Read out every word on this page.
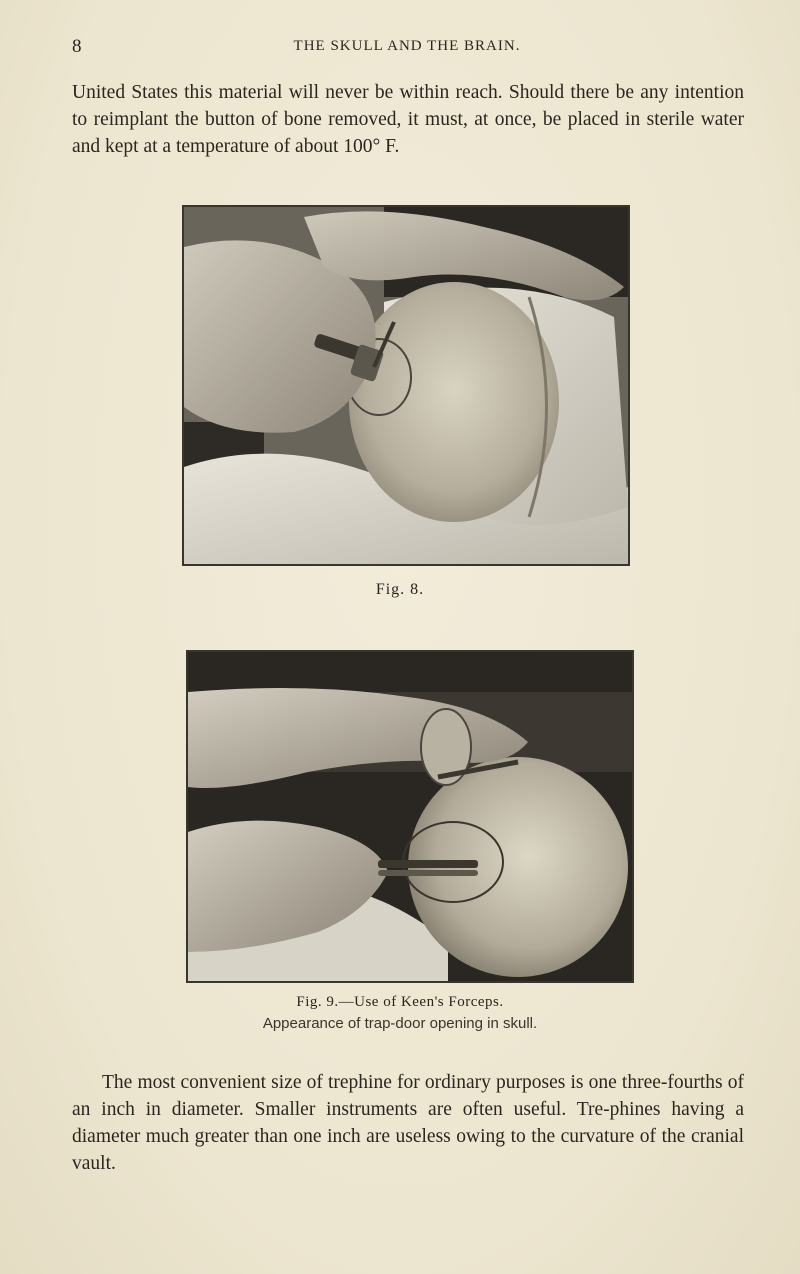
8	THE SKULL AND THE BRAIN.

United States this material will never be within reach. Should there be any intention to reimplant the button of bone removed, it must, at once, be placed in sterile water and kept at a temperature of about 100° F.

Fig. 8.
Fig. 9.—Use of Keen's Forceps.
Appearance of trap-door opening in skull.

The most convenient size of trephine for ordinary purposes is one three-fourths of an inch in diameter. Smaller instruments are often useful. Tre-phines having a diameter much greater than one inch are useless owing to the curvature of the cranial vault.
